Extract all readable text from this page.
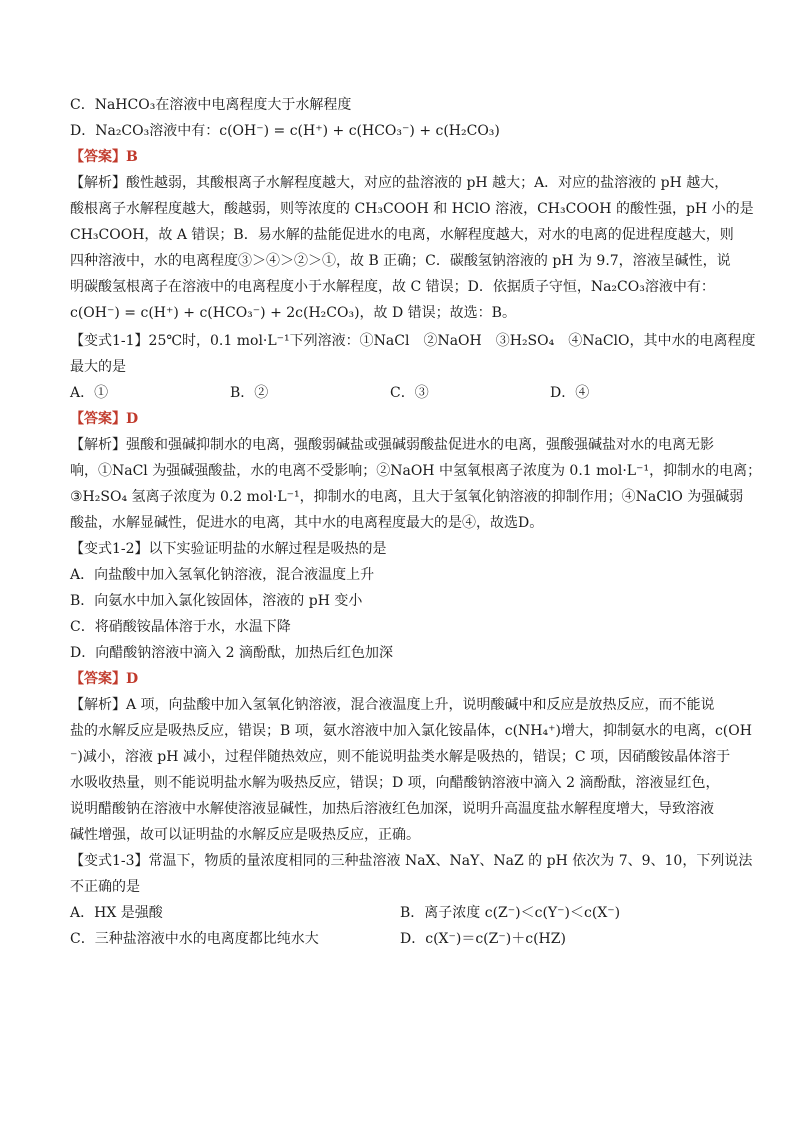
C．NaHCO₃在溶液中电离程度大于水解程度
D．Na₂CO₃溶液中有：c(OH⁻) = c(H⁺) + c(HCO₃⁻) + c(H₂CO₃)
【答案】B
【解析】酸性越弱，其酸根离子水解程度越大，对应的盐溶液的 pH 越大；A．对应的盐溶液的 pH 越大，
酸根离子水解程度越大，酸越弱，则等浓度的 CH₃COOH 和 HClO 溶液，CH₃COOH 的酸性强，pH 小的是
CH₃COOH，故 A 错误；B．易水解的盐能促进水的电离，水解程度越大，对水的电离的促进程度越大，则
四种溶液中，水的电离程度③＞④＞②＞①，故 B 正确；C．碳酸氢钠溶液的 pH 为 9.7，溶液呈碱性，说
明碳酸氢根离子在溶液中的电离程度小于水解程度，故 C 错误；D．依据质子守恒，Na₂CO₃溶液中有：
c(OH⁻) = c(H⁺) + c(HCO₃⁻) + 2c(H₂CO₃)，故 D 错误；故选：B。
【变式1-1】25℃时，0.1 mol·L⁻¹下列溶液：①NaCl　②NaOH　③H₂SO₄　④NaClO，其中水的电离程度
最大的是
A．①	B．②	C．③	D．④
【答案】D
【解析】强酸和强碱抑制水的电离，强酸弱碱盐或强碱弱酸盐促进水的电离，强酸强碱盐对水的电离无影
响，①NaCl 为强碱强酸盐，水的电离不受影响；②NaOH 中氢氧根离子浓度为 0.1 mol·L⁻¹，抑制水的电离；
③H₂SO₄ 氢离子浓度为 0.2 mol·L⁻¹，抑制水的电离，且大于氢氧化钠溶液的抑制作用；④NaClO 为强碱弱
酸盐，水解显碱性，促进水的电离，其中水的电离程度最大的是④，故选D。
【变式1-2】以下实验证明盐的水解过程是吸热的是
A．向盐酸中加入氢氧化钠溶液，混合液温度上升
B．向氨水中加入氯化铵固体，溶液的 pH 变小
C．将硝酸铵晶体溶于水，水温下降
D．向醋酸钠溶液中滴入 2 滴酚酞，加热后红色加深
【答案】D
【解析】A 项，向盐酸中加入氢氧化钠溶液，混合液温度上升，说明酸碱中和反应是放热反应，而不能说
盐的水解反应是吸热反应，错误；B 项，氨水溶液中加入氯化铵晶体，c(NH₄⁺)增大，抑制氨水的电离，c(OH
⁻)减小，溶液 pH 减小，过程伴随热效应，则不能说明盐类水解是吸热的，错误；C 项，因硝酸铵晶体溶于
水吸收热量，则不能说明盐水解为吸热反应，错误；D 项，向醋酸钠溶液中滴入 2 滴酚酞，溶液显红色，
说明醋酸钠在溶液中水解使溶液显碱性，加热后溶液红色加深，说明升高温度盐水解程度增大，导致溶液
碱性增强，故可以证明盐的水解反应是吸热反应，正确。
【变式1-3】常温下，物质的量浓度相同的三种盐溶液 NaX、NaY、NaZ 的 pH 依次为 7、9、10，下列说法
不正确的是
A．HX 是强酸	B．离子浓度 c(Z⁻)＜c(Y⁻)＜c(X⁻)
C．三种盐溶液中水的电离度都比纯水大	D．c(X⁻)＝c(Z⁻)＋c(HZ)
